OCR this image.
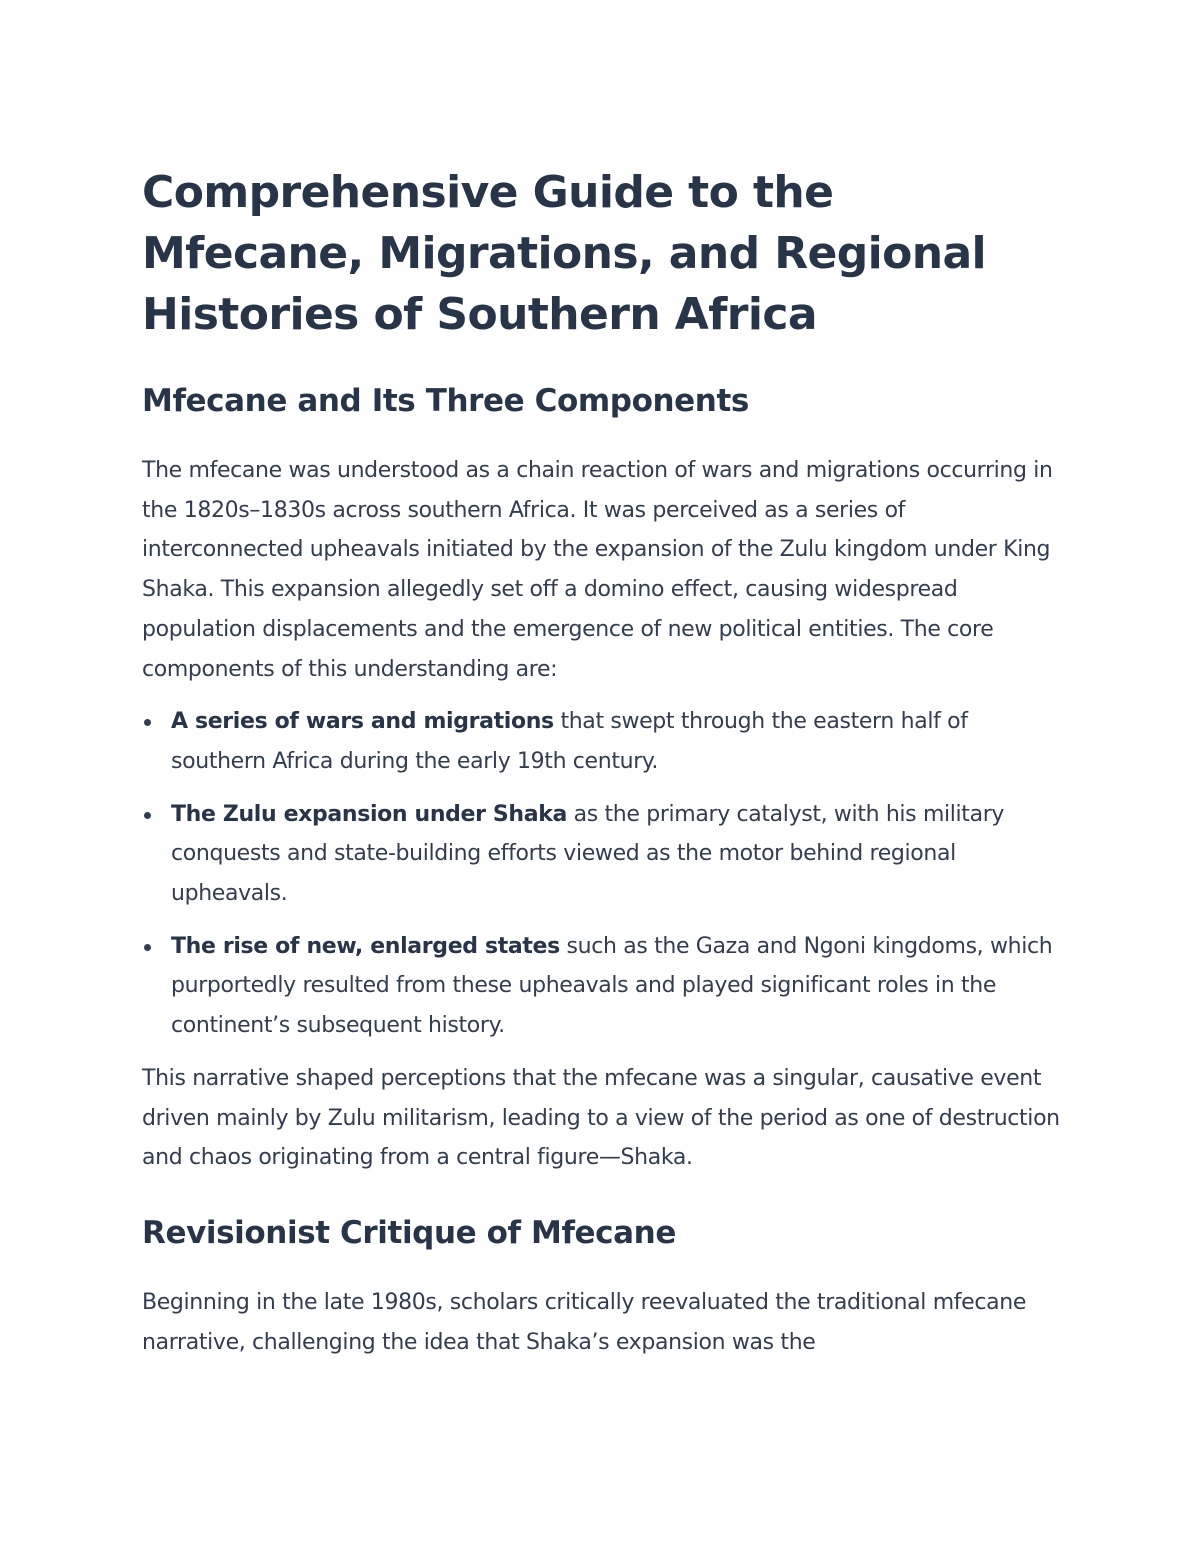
Comprehensive Guide to the Mfecane, Migrations, and Regional Histories of Southern Africa
Mfecane and Its Three Components

The mfecane was understood as a chain reaction of wars and migrations occurring in the 1820s–1830s across southern Africa. It was perceived as a series of interconnected upheavals initiated by the expansion of the Zulu kingdom under King Shaka. This expansion allegedly set off a domino effect, causing widespread population displacements and the emergence of new political entities. The core components of this understanding are:

A series of wars and migrations that swept through the eastern half of southern Africa during the early 19th century.
The Zulu expansion under Shaka as the primary catalyst, with his military conquests and state-building efforts viewed as the motor behind regional upheavals.
The rise of new, enlarged states such as the Gaza and Ngoni kingdoms, which purportedly resulted from these upheavals and played significant roles in the continent’s subsequent history.

This narrative shaped perceptions that the mfecane was a singular, causative event driven mainly by Zulu militarism, leading to a view of the period as one of destruction and chaos originating from a central figure—Shaka.

Revisionist Critique of Mfecane

Beginning in the late 1980s, scholars critically reevaluated the traditional mfecane narrative, challenging the idea that Shaka’s expansion was the
